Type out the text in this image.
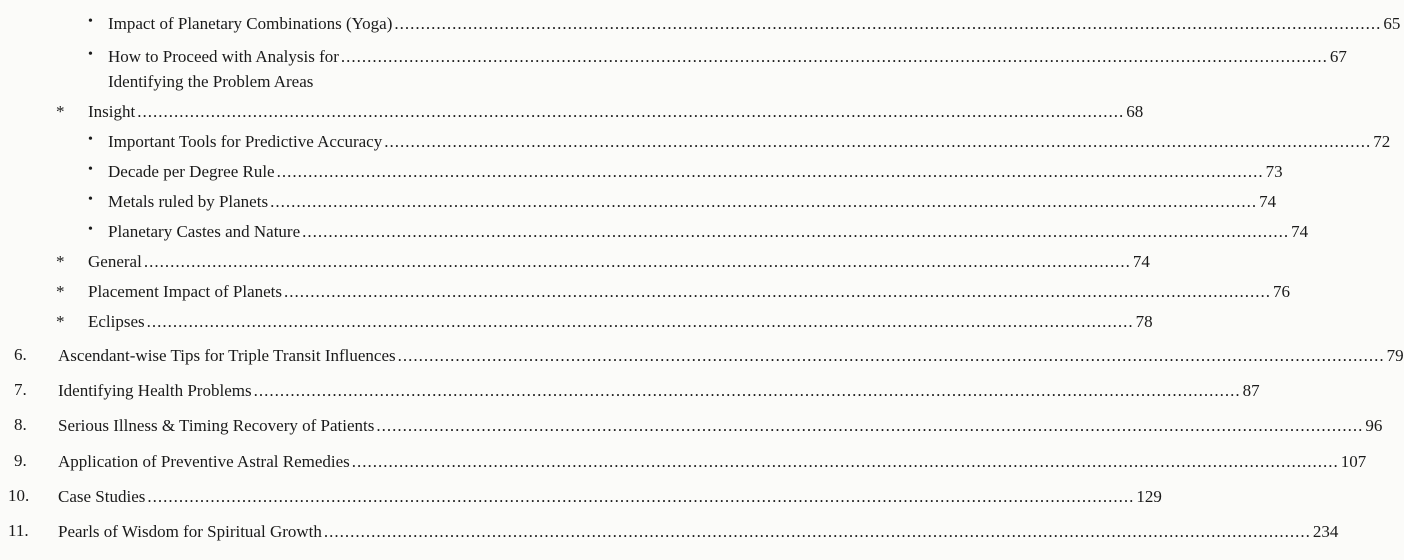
• Impact of Planetary Combinations (Yoga) .....	65
• How to Proceed with Analysis for .....	67
Identifying the Problem Areas
* Insight .....	68
• Important Tools for Predictive Accuracy .....	72
• Decade per Degree Rule .....	73
• Metals ruled by Planets .....	74
• Planetary Castes and Nature .....	74
* General .....	74
* Placement Impact of Planets .....	76
* Eclipses .....	78
6. Ascendant-wise Tips for Triple Transit Influences .....	79
7. Identifying Health Problems .....	87
8. Serious Illness & Timing Recovery of Patients .....	96
9. Application of Preventive Astral Remedies .....	107
10. Case Studies .....	129
11. Pearls of Wisdom for Spiritual Growth .....	234
